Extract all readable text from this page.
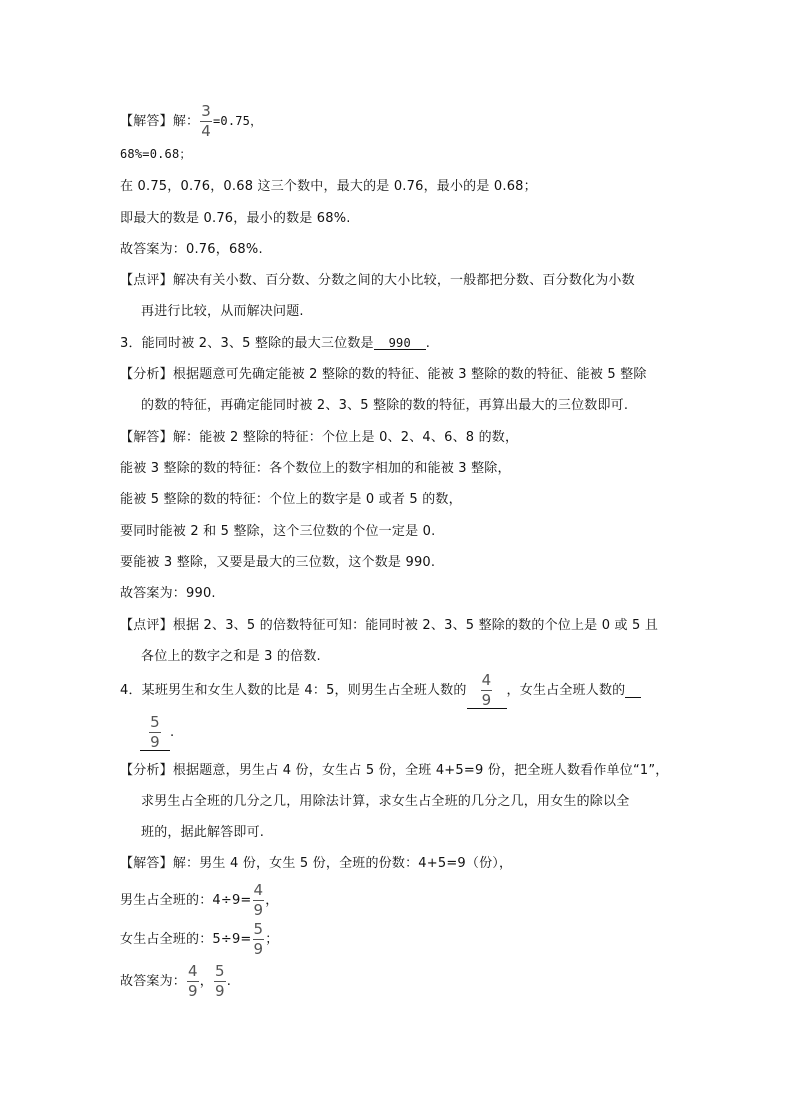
【解答】解： $\frac{3}{4} =0.75$，
68%=0.68；
在 0.75，0.76，0.68 这三个数中，最大的是 0.76，最小的是 0.68；
即最大的数是 0.76，最小的数是 68%.
故答案为：0.76，68%.
【点评】解决有关小数、百分数、分数之间的大小比较，一般都把分数、百分数化为小数
再进行比较，从而解决问题.
3．能同时被 2、3、5 整除的最大三位数是 990 .
【分析】根据题意可先确定能被 2 整除的数的特征、能被 3 整除的数的特征、能被 5 整除
的数的特征，再确定能同时被 2、3、5 整除的数的特征，再算出最大的三位数即可.
【解答】解：能被 2 整除的特征：个位上是 0、2、4、6、8 的数，
能被 3 整除的数的特征：各个数位上的数字相加的和能被 3 整除，
能被 5 整除的数的特征：个位上的数字是 0 或者 5 的数，
要同时能被 2 和 5 整除，这个三位数的个位一定是 0.
要能被 3 整除，又要是最大的三位数，这个数是 990.
故答案为：990.
【点评】根据 2、3、5 的倍数特征可知：能同时被 2、3、5 整除的数的个位上是 0 或 5 且
各位上的数字之和是 3 的倍数.
4．某班男生和女生人数的比是 4：5，则男生占全班人数的 $\frac{4}{9}$ ，女生占全班人数的
$\frac{5}{9}$ .
【分析】根据题意，男生占 4 份，女生占 5 份，全班 4+5=9 份，把全班人数看作单位“1”，
求男生占全班的几分之几，用除法计算，求女生占全班的几分之几，用女生的除以全
班的，据此解答即可.
【解答】解：男生 4 份，女生 5 份，全班的份数：4+5=9（份），
男生占全班的：$4\div 9= \frac{4}{9}$ ，
女生占全班的：$5\div 9= \frac{5}{9}$ ；
故答案为： $\frac{4}{9}$ ， $\frac{5}{9}$ .
